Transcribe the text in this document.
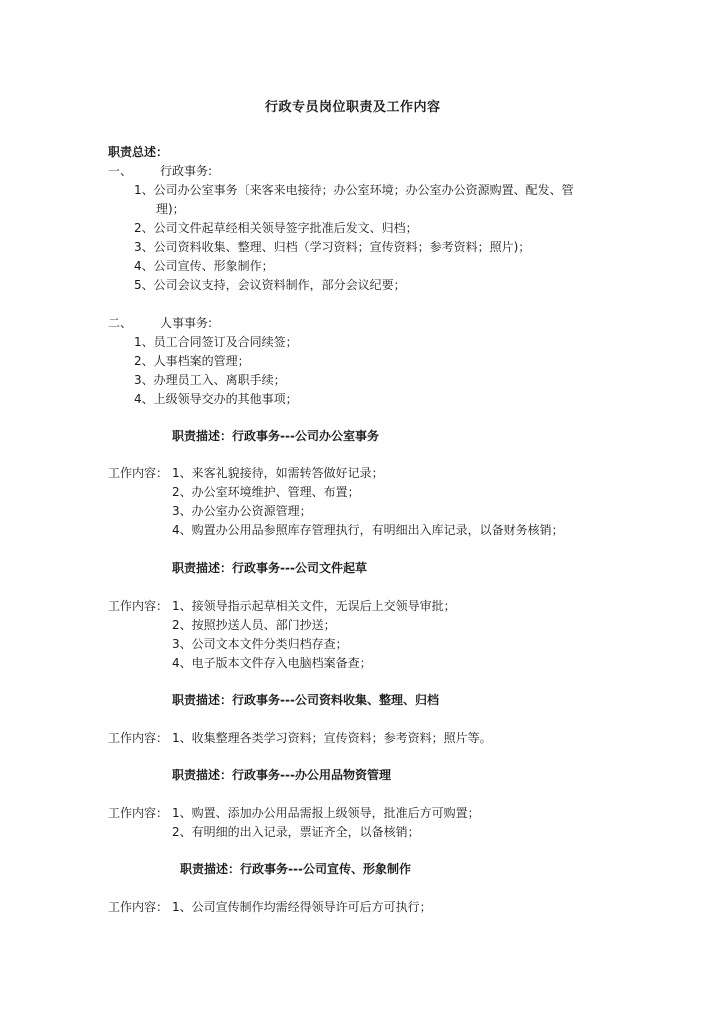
行政专员岗位职责及工作内容
职责总述：
一、 行政事务:
1、公司办公室事务〔来客来电接待；办公室环境；办公室办公资源购置、配发、管
理)；
2、公司文件起草经相关领导签字批准后发文、归档；
3、公司资料收集、整理、归档（学习资料；宣传资料；参考资料；照片)；
4、公司宣传、形象制作；
5、公司会议支持，会议资料制作，部分会议纪要；
二、 人事事务:
1、员工合同签订及合同续签；
2、人事档案的管理；
3、办理员工入、离职手续；
4、上级领导交办的其他事项；
职责描述：行政事务---公司办公室事务
工作内容： 1、来客礼貌接待，如需转答做好记录；
2、办公室环境维护、管理、布置；
3、办公室办公资源管理；
4、购置办公用品参照库存管理执行，有明细出入库记录，以备财务核销；
职责描述：行政事务---公司文件起草
工作内容： 1、接领导指示起草相关文件，无误后上交领导审批；
2、按照抄送人员、部门抄送；
3、公司文本文件分类归档存查；
4、电子版本文件存入电脑档案备查；
职责描述：行政事务---公司资料收集、整理、归档
工作内容： 1、收集整理各类学习资料；宣传资料；参考资料；照片等。
职责描述：行政事务---办公用品物资管理
工作内容： 1、购置、添加办公用品需报上级领导，批准后方可购置；
2、有明细的出入记录，票证齐全，以备核销；
职责描述：行政事务---公司宣传、形象制作
工作内容： 1、公司宣传制作均需经得领导许可后方可执行；
